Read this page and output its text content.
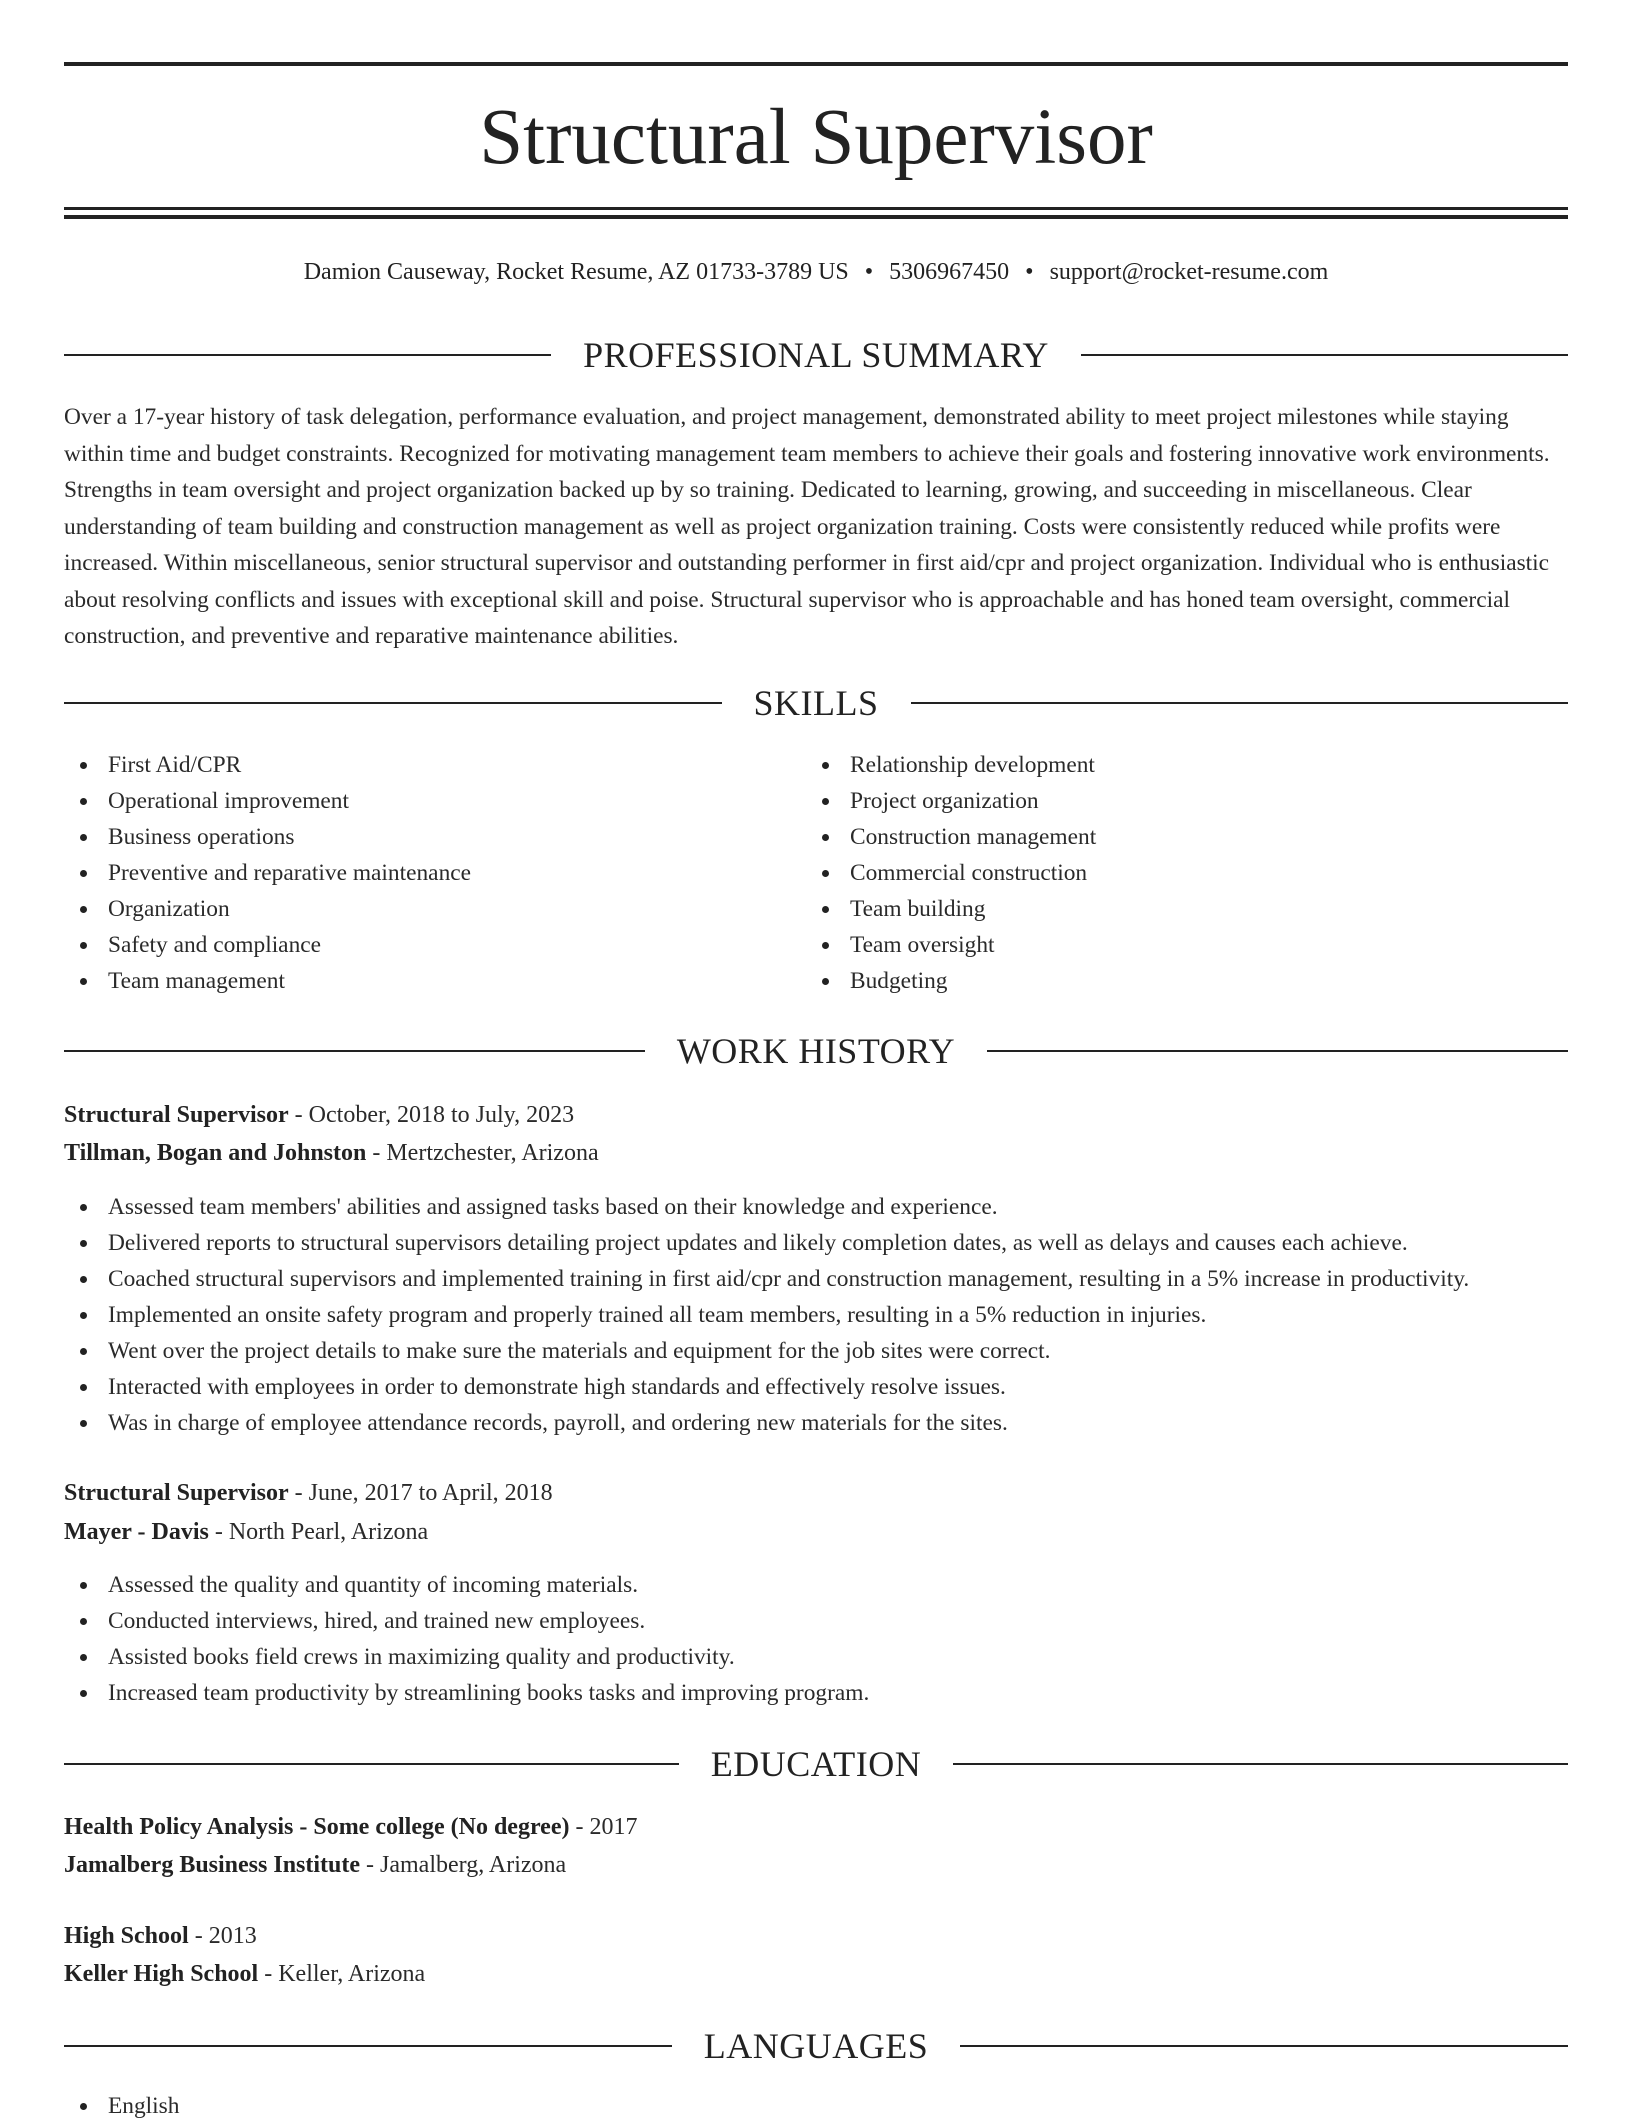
Structural Supervisor
Damion Causeway, Rocket Resume, AZ 01733-3789 US • 5306967450 • support@rocket-resume.com
PROFESSIONAL SUMMARY
Over a 17-year history of task delegation, performance evaluation, and project management, demonstrated ability to meet project milestones while staying within time and budget constraints. Recognized for motivating management team members to achieve their goals and fostering innovative work environments. Strengths in team oversight and project organization backed up by so training. Dedicated to learning, growing, and succeeding in miscellaneous. Clear understanding of team building and construction management as well as project organization training. Costs were consistently reduced while profits were increased. Within miscellaneous, senior structural supervisor and outstanding performer in first aid/cpr and project organization. Individual who is enthusiastic about resolving conflicts and issues with exceptional skill and poise. Structural supervisor who is approachable and has honed team oversight, commercial construction, and preventive and reparative maintenance abilities.
SKILLS
First Aid/CPR
Operational improvement
Business operations
Preventive and reparative maintenance
Organization
Safety and compliance
Team management
Relationship development
Project organization
Construction management
Commercial construction
Team building
Team oversight
Budgeting
WORK HISTORY
Structural Supervisor - October, 2018 to July, 2023
Tillman, Bogan and Johnston - Mertzchester, Arizona
Assessed team members' abilities and assigned tasks based on their knowledge and experience.
Delivered reports to structural supervisors detailing project updates and likely completion dates, as well as delays and causes each achieve.
Coached structural supervisors and implemented training in first aid/cpr and construction management, resulting in a 5% increase in productivity.
Implemented an onsite safety program and properly trained all team members, resulting in a 5% reduction in injuries.
Went over the project details to make sure the materials and equipment for the job sites were correct.
Interacted with employees in order to demonstrate high standards and effectively resolve issues.
Was in charge of employee attendance records, payroll, and ordering new materials for the sites.
Structural Supervisor - June, 2017 to April, 2018
Mayer - Davis - North Pearl, Arizona
Assessed the quality and quantity of incoming materials.
Conducted interviews, hired, and trained new employees.
Assisted books field crews in maximizing quality and productivity.
Increased team productivity by streamlining books tasks and improving program.
EDUCATION
Health Policy Analysis - Some college (No degree) - 2017
Jamalberg Business Institute - Jamalberg, Arizona
High School - 2013
Keller High School - Keller, Arizona
LANGUAGES
English
